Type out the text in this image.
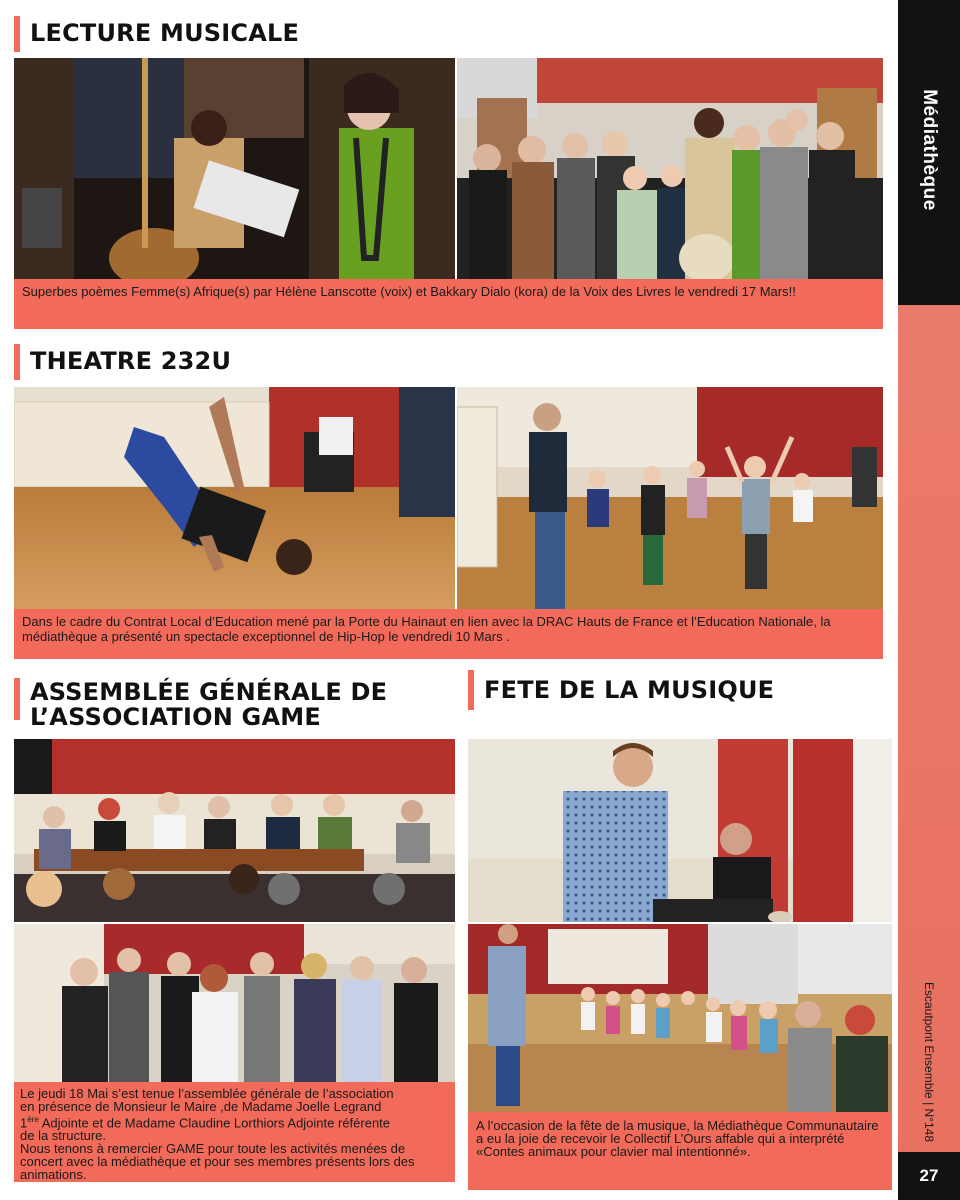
LECTURE MUSICALE
Superbes poèmes Femme(s) Afrique(s) par Hélène Lanscotte (voix) et Bakkary Dialo (kora) de la Voix des Livres le vendredi 17 Mars!!
THEATRE 232U
Dans le cadre du Contrat Local d’Education mené par la Porte du Hainaut en lien avec la DRAC Hauts de France et l’Education Nationale, la médiathèque a présenté un spectacle exceptionnel de Hip-Hop le vendredi 10 Mars .
ASSEMBLÉE GÉNÉRALE DE
L’ASSOCIATION GAME
Le jeudi 18 Mai s’est tenue l’assemblée générale de l’association
en présence de Monsieur le Maire ,de Madame Joelle Legrand
1ère Adjointe et de Madame Claudine Lorthiors Adjointe référente
de la structure.
Nous tenons à remercier GAME pour toute les activités menées de concert avec la médiathèque et pour ses membres présents lors des animations.
FETE DE LA MUSIQUE
A l’occasion de la fête de la musique, la Médiathèque Communautaire a eu la joie de recevoir le Collectif L’Ours affable qui a interprété «Contes animaux pour clavier mal intentionné».
Médiathèque
Escautpont Ensemble | N°148
27
